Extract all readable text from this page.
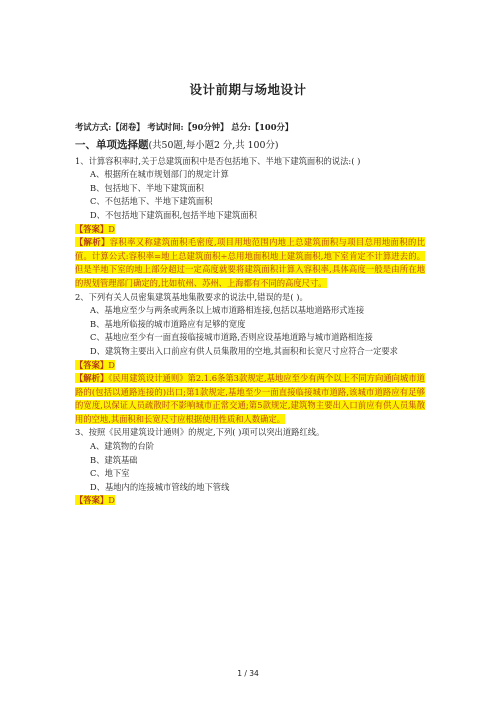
设计前期与场地设计
考试方式:【闭卷】 考试时间:【90分钟】 总分:【100分】
一、单项选择题(共50题,每小题2 分,共 100分)
1、计算容积率时,关于总建筑面积中是否包括地下、半地下建筑面积的说法:( )
A、根据所在城市规划部门的规定计算
B、包括地下、半地下建筑面积
C、不包括地下、半地下建筑面积
D、不包括地下建筑面积,包括半地下建筑面积
【答案】D
【解析】容积率又称建筑面积毛密度,项目用地范围内地上总建筑面积与项目总用地面积的比值。计算公式:容积率=地上总建筑面积÷总用地面积地上建筑面积,地下室肯定不计算进去的。但是半地下室的地上部分超过一定高度就要将建筑面积计算入容积率,具体高度一般是由所在地的规划管理部门确定的,比如杭州、苏州、上海都有不同的高度尺寸。
2、下列有关人员密集建筑基地集散要求的说法中,错误的是( )。
A、基地应至少与两条或两条以上城市道路相连接,包括以基地道路形式连接
B、基地所临接的城市道路应有足够的宽度
C、基地应至少有一面直接临接城市道路,否则应设基地道路与城市道路相连接
D、建筑物主要出入口前应有供人员集散用的空地,其面积和长宽尺寸应符合一定要求
【答案】D
【解析】《民用建筑设计通则》第2.1.6条第3款规定,基地应至少有两个以上不同方向通向城市道路的(包括以通路连接的)出口;第1款规定,基地至少一面直接临接城市道路,该城市道路应有足够的宽度,以保证人员疏散时不影响城市正常交通;第5款规定,建筑物主要出入口前应有供人员集散用的空地,其面积和长宽尺寸应根据使用性质和人数确定。
3、按照《民用建筑设计通则》的规定,下列( )项可以突出道路红线。
A、建筑物的台阶
B、建筑基础
C、地下室
D、基地内的连接城市管线的地下管线
【答案】D
1 / 34
